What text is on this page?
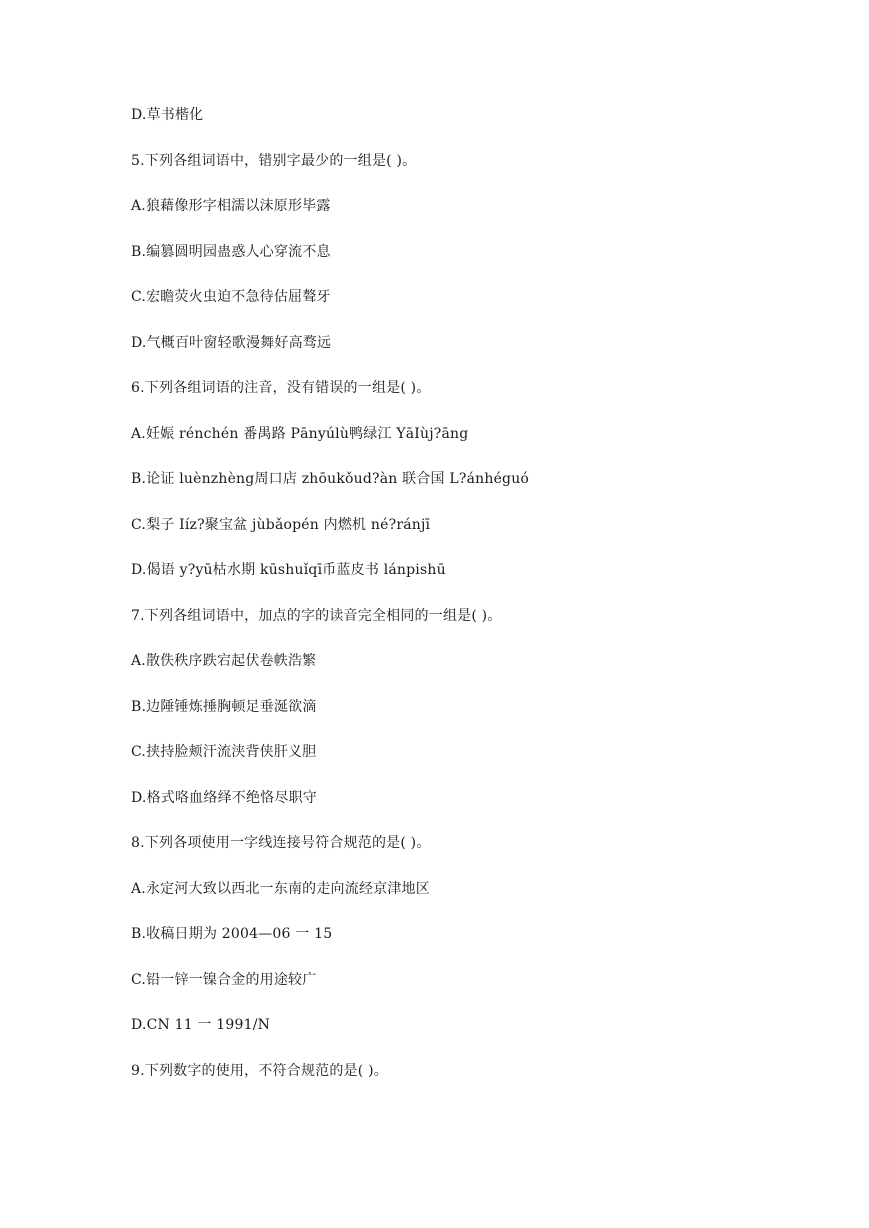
D.草书楷化
5.下列各组词语中，错别字最少的一组是( )。
A.狼藉像形字相濡以沫原形毕露
B.编篡圆明园蛊惑人心穿流不息
C.宏瞻荧火虫迫不急待估屈聱牙
D.气概百叶窗轻歌漫舞好高骛远
6.下列各组词语的注音，没有错误的一组是( )。
A.妊娠 rénchén 番禺路 Pānyúlù鸭绿江 YāIùj?āng
B.论证 luènzhèng周口店 zhōukǒud?àn 联合国 L?ánhéguó
C.梨子 Iíz?聚宝盆 jùbǎopén 内燃机 né?ránjī
D.偈语 y?yū枯水期 kūshuǐqī币蓝皮书 lánpishū
7.下列各组词语中，加点的字的读音完全相同的一组是( )。
A.散佚秩序跌宕起伏卷帙浩繁
B.边陲锤炼捶胸顿足垂涎欲滴
C.挟持脸颊汗流浃背侠肝义胆
D.格式咯血络绎不绝恪尽职守
8.下列各项使用一字线连接号符合规范的是( )。
A.永定河大致以西北一东南的走向流经京津地区
B.收稿日期为 2004—06 一 15
C.铅一锌一镍合金的用途较广
D.CN 11 一 1991/N
9.下列数字的使用，不符合规范的是( )。
